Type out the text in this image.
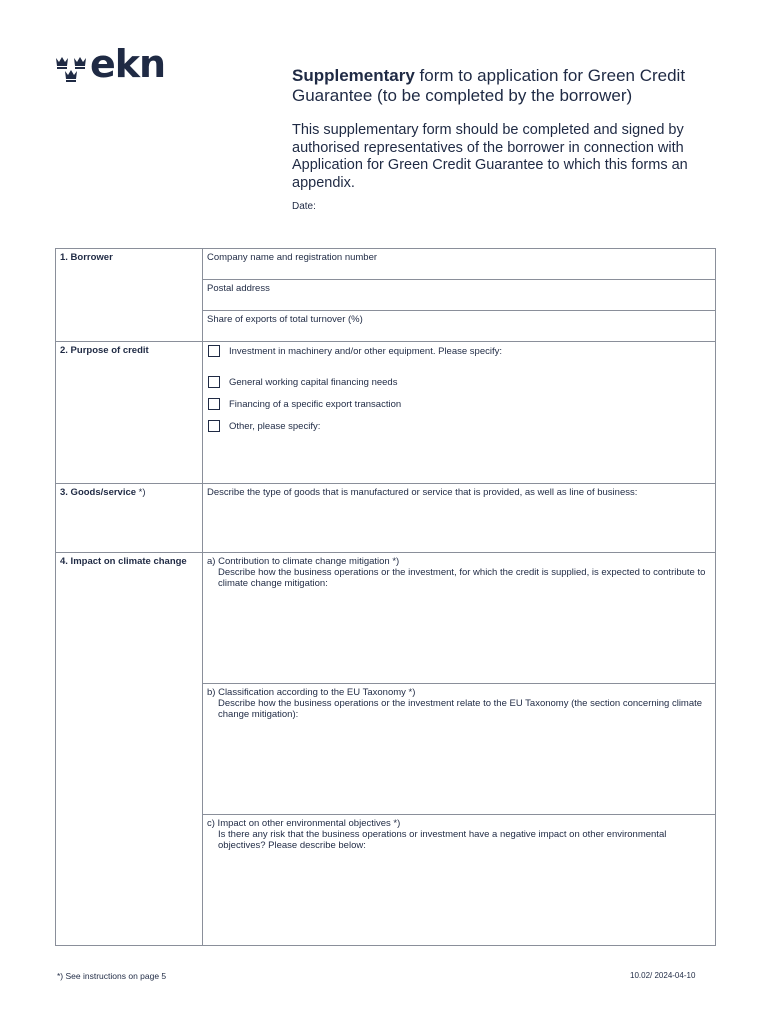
ekn	Supplementary form to application for Green Credit Guarantee (to be completed by the borrower)

This supplementary form should be completed and signed by authorised representatives of the borrower in connection with Application for Green Credit Guarantee to which this forms an appendix.
Date:
1. Borrower	Company name and registration number
	Postal address
	Share of exports of total turnover (%)
2. Purpose of credit	Investment in machinery and/or other equipment. Please specify:
General working capital financing needs
Financing of a specific export transaction
Other, please specify:

3. Goods/service *)	Describe the type of goods that is manufactured or service that is provided, as well as line of business:
4. Impact on climate change	a) Contribution to climate change mitigation *)
Describe how the business operations or the investment, for which the credit is supplied, is expected to contribute to climate change mitigation:

	b) Classification according to the EU Taxonomy *)
Describe how the business operations or the investment relate to the EU Taxonomy (the section concerning climate change mitigation):

	c) Impact on other environmental objectives *)
Is there any risk that the business operations or investment have a negative impact on other environmental objectives? Please describe below:
*) See instructions on page 5	10.02/ 2024-04-10
